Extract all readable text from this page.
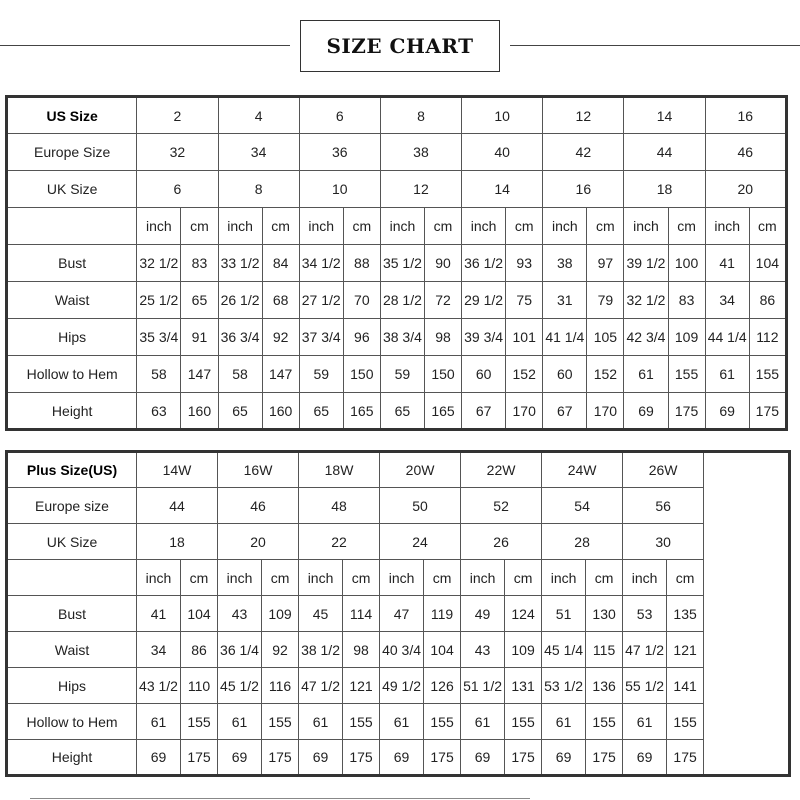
SIZE CHART
US Size	2		4		6		8		10		12		14		16	
Europe Size	32		34		36		38		40		42		44		46	
UK Size	6		8		10		12		14		16		18		20	
	inch	cm	inch	cm	inch	cm	inch	cm	inch	cm	inch	cm	inch	cm	inch	cm
Bust	32 1/2	83	33 1/2	84	34 1/2	88	35 1/2	90	36 1/2	93	38	97	39 1/2	100	41	104
Waist	25 1/2	65	26 1/2	68	27 1/2	70	28 1/2	72	29 1/2	75	31	79	32 1/2	83	34	86
Hips	35 3/4	91	36 3/4	92	37 3/4	96	38 3/4	98	39 3/4	101	41 1/4	105	42 3/4	109	44 1/4	112
Hollow to Hem	58	147	58	147	59	150	59	150	60	152	60	152	61	155	61	155
Height	63	160	65	160	65	165	65	165	67	170	67	170	69	175	69	175
Plus Size(US)	14W		16W		18W		20W		22W		24W		26W		
Europe size	44		46		48		50		52		54		56		
UK Size	18		20		22		24		26		28		30		
	inch	cm	inch	cm	inch	cm	inch	cm	inch	cm	inch	cm	inch	cm	
Bust	41	104	43	109	45	114	47	119	49	124	51	130	53	135	
Waist	34	86	36 1/4	92	38 1/2	98	40 3/4	104	43	109	45 1/4	115	47 1/2	121	
Hips	43 1/2	110	45 1/2	116	47 1/2	121	49 1/2	126	51 1/2	131	53 1/2	136	55 1/2	141	
Hollow to Hem	61	155	61	155	61	155	61	155	61	155	61	155	61	155	
Height	69	175	69	175	69	175	69	175	69	175	69	175	69	175	
